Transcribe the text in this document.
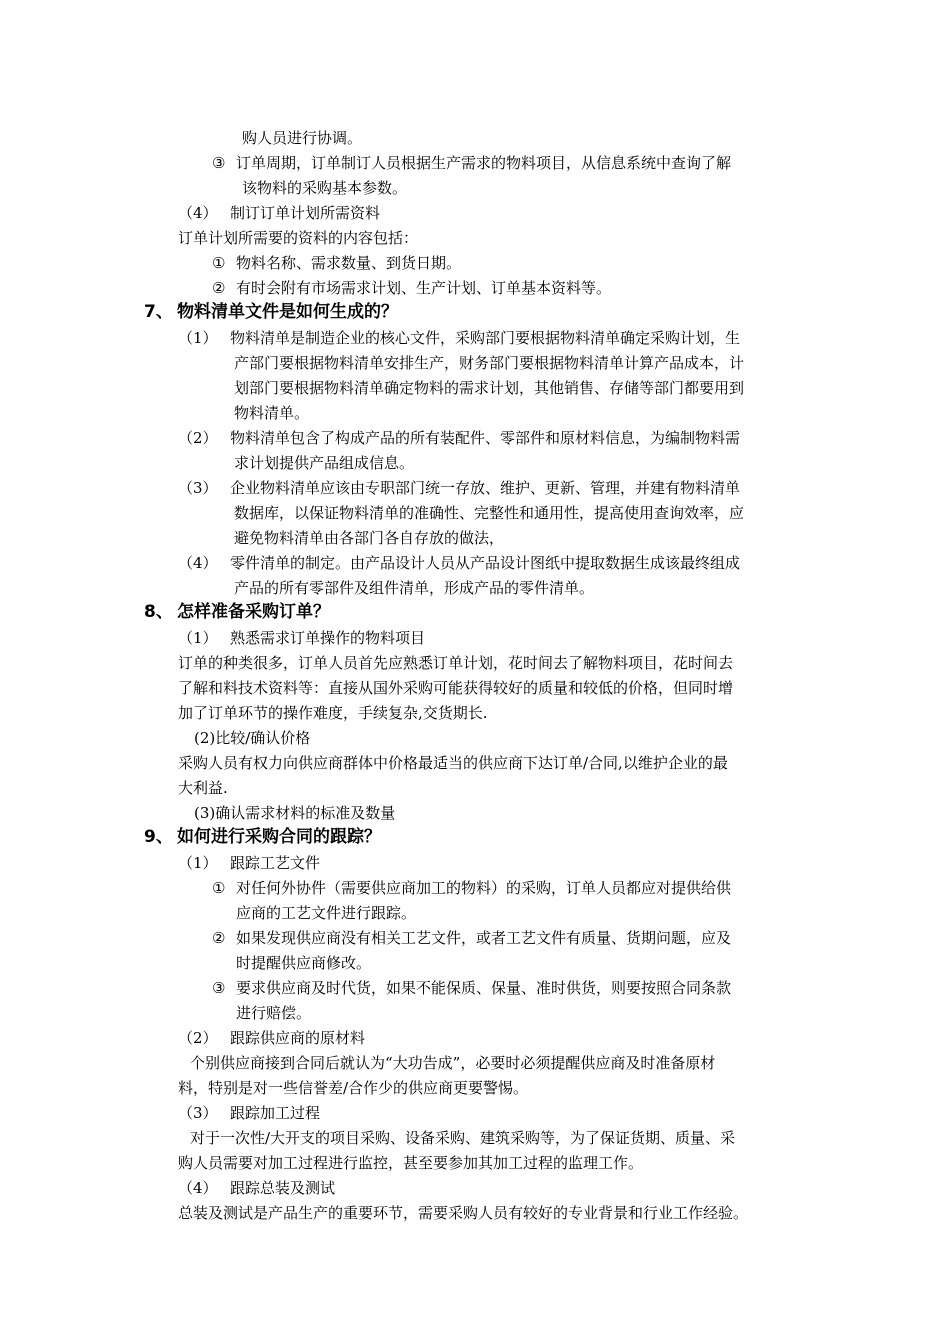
购人员进行协调。
③ 订单周期，订单制订人员根据生产需求的物料项目，从信息系统中查询了解
该物料的采购基本参数。
（4） 制订订单计划所需资料
订单计划所需要的资料的内容包括：
① 物料名称、需求数量、到货日期。
② 有时会附有市场需求计划、生产计划、订单基本资料等。
7、 物料清单文件是如何生成的？
（1） 物料清单是制造企业的核心文件，采购部门要根据物料清单确定采购计划，生
产部门要根据物料清单安排生产，财务部门要根据物料清单计算产品成本，计
划部门要根据物料清单确定物料的需求计划，其他销售、存储等部门都要用到
物料清单。
（2） 物料清单包含了构成产品的所有装配件、零部件和原材料信息，为编制物料需
求计划提供产品组成信息。
（3） 企业物料清单应该由专职部门统一存放、维护、更新、管理，并建有物料清单
数据库，以保证物料清单的准确性、完整性和通用性，提高使用查询效率，应
避免物料清单由各部门各自存放的做法，
（4） 零件清单的制定。由产品设计人员从产品设计图纸中提取数据生成该最终组成
产品的所有零部件及组件清单，形成产品的零件清单。
8、 怎样准备采购订单？
（1） 熟悉需求订单操作的物料项目
订单的种类很多，订单人员首先应熟悉订单计划，花时间去了解物料项目，花时间去
了解和料技术资料等：直接从国外采购可能获得较好的质量和较低的价格，但同时增
加了订单环节的操作难度，手续复杂,交货期长.
(2)比较/确认价格
采购人员有权力向供应商群体中价格最适当的供应商下达订单/合同,以维护企业的最
大利益.
(3)确认需求材料的标准及数量
9、 如何进行采购合同的跟踪？
（1） 跟踪工艺文件
① 对任何外协件（需要供应商加工的物料）的采购，订单人员都应对提供给供
应商的工艺文件进行跟踪。
② 如果发现供应商没有相关工艺文件，或者工艺文件有质量、货期问题，应及
时提醒供应商修改。
③ 要求供应商及时代货，如果不能保质、保量、准时供货，则要按照合同条款
进行赔偿。
（2） 跟踪供应商的原材料
个别供应商接到合同后就认为“大功告成”，必要时必须提醒供应商及时准备原材
料，特别是对一些信誉差/合作少的供应商更要警惕。
（3） 跟踪加工过程
对于一次性/大开支的项目采购、设备采购、建筑采购等，为了保证货期、质量、采
购人员需要对加工过程进行监控，甚至要参加其加工过程的监理工作。
（4） 跟踪总装及测试
总装及测试是产品生产的重要环节，需要采购人员有较好的专业背景和行业工作经验。
